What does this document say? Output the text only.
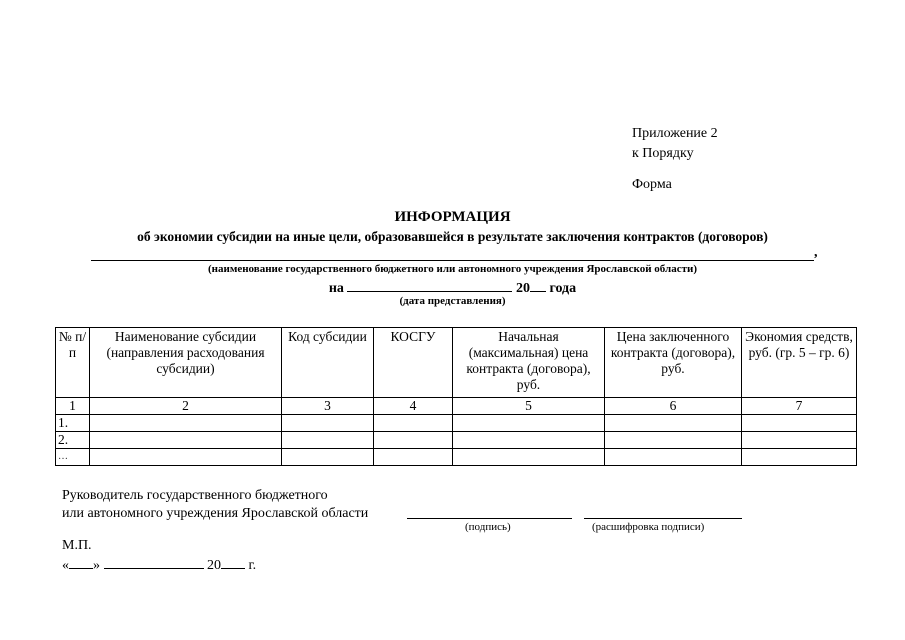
Приложение 2
к Порядку
Форма
ИНФОРМАЦИЯ
об экономии субсидии на иные цели, образовавшейся в результате заключения контрактов (договоров)
,
(наименование государственного бюджетного или автономного учреждения Ярославской области)
на	20 года
(дата представления)
№ п/п	Наименование субсидии (направления расходования субсидии)	Код субсидии	КОСГУ	Начальная (максимальная) цена контракта (договора), руб.	Цена заключенного контракта (договора), руб.	Экономия средств, руб. (гр. 5 – гр. 6)
1	2	3	4	5	6	7
1.						
2.						
…						
Руководитель государственного бюджетного
или автономного учреждения Ярославской области
(подпись)	(расшифровка подписи)
М.П.
« »	20 г.
